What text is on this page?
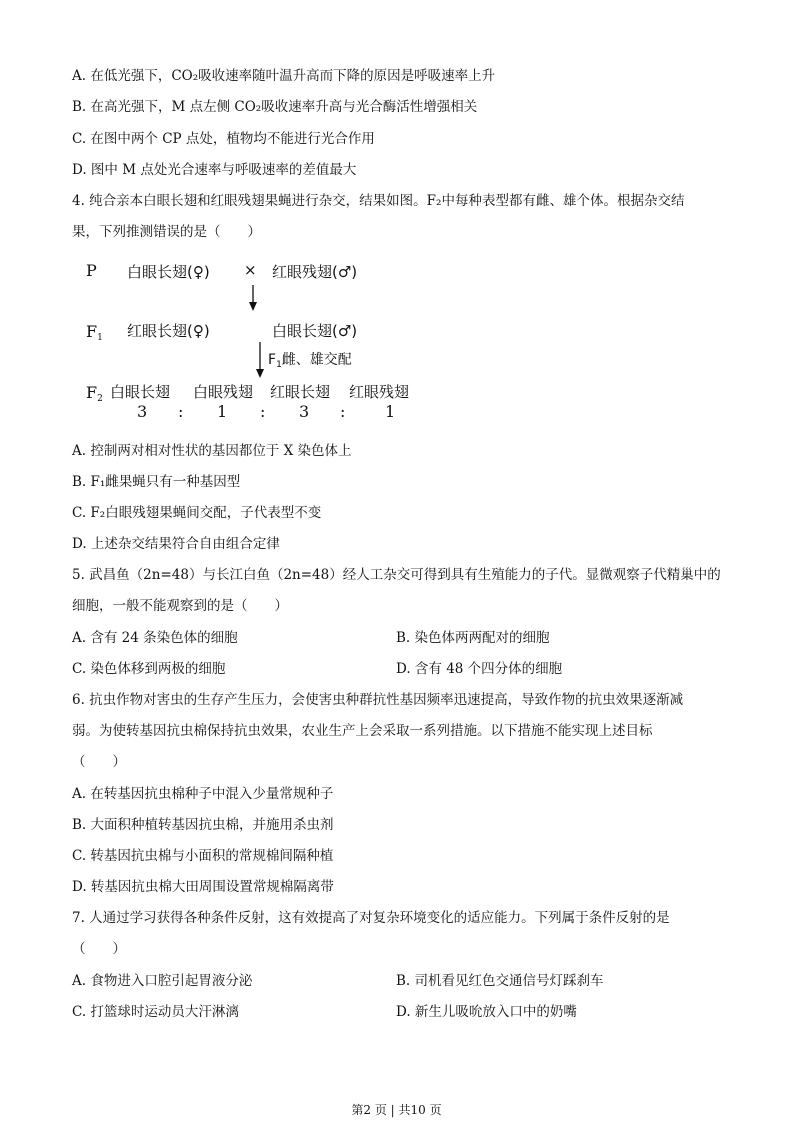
A. 在低光强下，CO₂吸收速率随叶温升高而下降的原因是呼吸速率上升
B. 在高光强下，M 点左侧 CO₂吸收速率升高与光合酶活性增强相关
C. 在图中两个 CP 点处，植物均不能进行光合作用
D. 图中 M 点处光合速率与呼吸速率的差值最大
4. 纯合亲本白眼长翅和红眼残翅果蝇进行杂交，结果如图。F₂中每种表型都有雌、雄个体。根据杂交结
果，下列推测错误的是（　　）
P 白眼长翅(♀) × 红眼残翅(♂)
$F_1$ 红眼长翅(♀)	白眼长翅(♂)
$F_1$雌、雄交配
$F_2$ 白眼长翅 白眼残翅 红眼长翅 红眼残翅
3 : 1 : 3 : 1
A. 控制两对相对性状的基因都位于 X 染色体上
B. F₁雌果蝇只有一种基因型
C. F₂白眼残翅果蝇间交配，子代表型不变
D. 上述杂交结果符合自由组合定律
5. 武昌鱼（2n=48）与长江白鱼（2n=48）经人工杂交可得到具有生殖能力的子代。显微观察子代精巢中的
细胞，一般不能观察到的是（　　）
A. 含有 24 条染色体的细胞	B. 染色体两两配对的细胞
C. 染色体移到两极的细胞	D. 含有 48 个四分体的细胞
6. 抗虫作物对害虫的生存产生压力，会使害虫种群抗性基因频率迅速提高，导致作物的抗虫效果逐渐减
弱。为使转基因抗虫棉保持抗虫效果，农业生产上会采取一系列措施。以下措施不能实现上述目标
（　　）
A. 在转基因抗虫棉种子中混入少量常规种子
B. 大面积种植转基因抗虫棉，并施用杀虫剂
C. 转基因抗虫棉与小面积的常规棉间隔种植
D. 转基因抗虫棉大田周围设置常规棉隔离带
7. 人通过学习获得各种条件反射，这有效提高了对复杂环境变化的适应能力。下列属于条件反射的是
（　　）
A. 食物进入口腔引起胃液分泌	B. 司机看见红色交通信号灯踩刹车
C. 打篮球时运动员大汗淋漓	D. 新生儿吸吮放入口中的奶嘴
第2 页 | 共10 页
